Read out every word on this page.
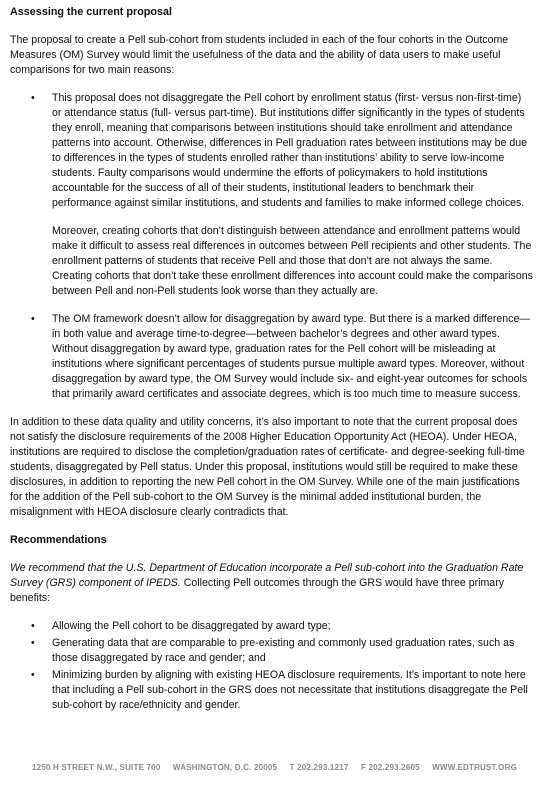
Assessing the current proposal

The proposal to create a Pell sub-cohort from students included in each of the four cohorts in the Outcome Measures (OM) Survey would limit the usefulness of the data and the ability of data users to make useful comparisons for two main reasons:

• This proposal does not disaggregate the Pell cohort by enrollment status (first- versus non-first-time) or attendance status (full- versus part-time). But institutions differ significantly in the types of students they enroll, meaning that comparisons between institutions should take enrollment and attendance patterns into account. Otherwise, differences in Pell graduation rates between institutions may be due to differences in the types of students enrolled rather than institutions’ ability to serve low-income students. Faulty comparisons would undermine the efforts of policymakers to hold institutions accountable for the success of all of their students, institutional leaders to benchmark their performance against similar institutions, and students and families to make informed college choices.

Moreover, creating cohorts that don’t distinguish between attendance and enrollment patterns would make it difficult to assess real differences in outcomes between Pell recipients and other students. The enrollment patterns of students that receive Pell and those that don’t are not always the same. Creating cohorts that don’t take these enrollment differences into account could make the comparisons between Pell and non-Pell students look worse than they actually are.

• The OM framework doesn’t allow for disaggregation by award type. But there is a marked difference—in both value and average time-to-degree—between bachelor’s degrees and other award types. Without disaggregation by award type, graduation rates for the Pell cohort will be misleading at institutions where significant percentages of students pursue multiple award types. Moreover, without disaggregation by award type, the OM Survey would include six- and eight-year outcomes for schools that primarily award certificates and associate degrees, which is too much time to measure success.

In addition to these data quality and utility concerns, it’s also important to note that the current proposal does not satisfy the disclosure requirements of the 2008 Higher Education Opportunity Act (HEOA). Under HEOA, institutions are required to disclose the completion/graduation rates of certificate- and degree-seeking full-time students, disaggregated by Pell status. Under this proposal, institutions would still be required to make these disclosures, in addition to reporting the new Pell cohort in the OM Survey. While one of the main justifications for the addition of the Pell sub-cohort to the OM Survey is the minimal added institutional burden, the misalignment with HEOA disclosure clearly contradicts that.

Recommendations

We recommend that the U.S. Department of Education incorporate a Pell sub-cohort into the Graduation Rate Survey (GRS) component of IPEDS. Collecting Pell outcomes through the GRS would have three primary benefits:

• Allowing the Pell cohort to be disaggregated by award type;
• Generating data that are comparable to pre-existing and commonly used graduation rates, such as those disaggregated by race and gender; and
• Minimizing burden by aligning with existing HEOA disclosure requirements. It’s important to note here that including a Pell sub-cohort in the GRS does not necessitate that institutions disaggregate the Pell sub-cohort by race/ethnicity and gender.
1250 H STREET N.W., SUITE 700 WASHINGTON, D.C. 20005 T 202.293.1217 F 202.293.2605 WWW.EDTRUST.ORG
